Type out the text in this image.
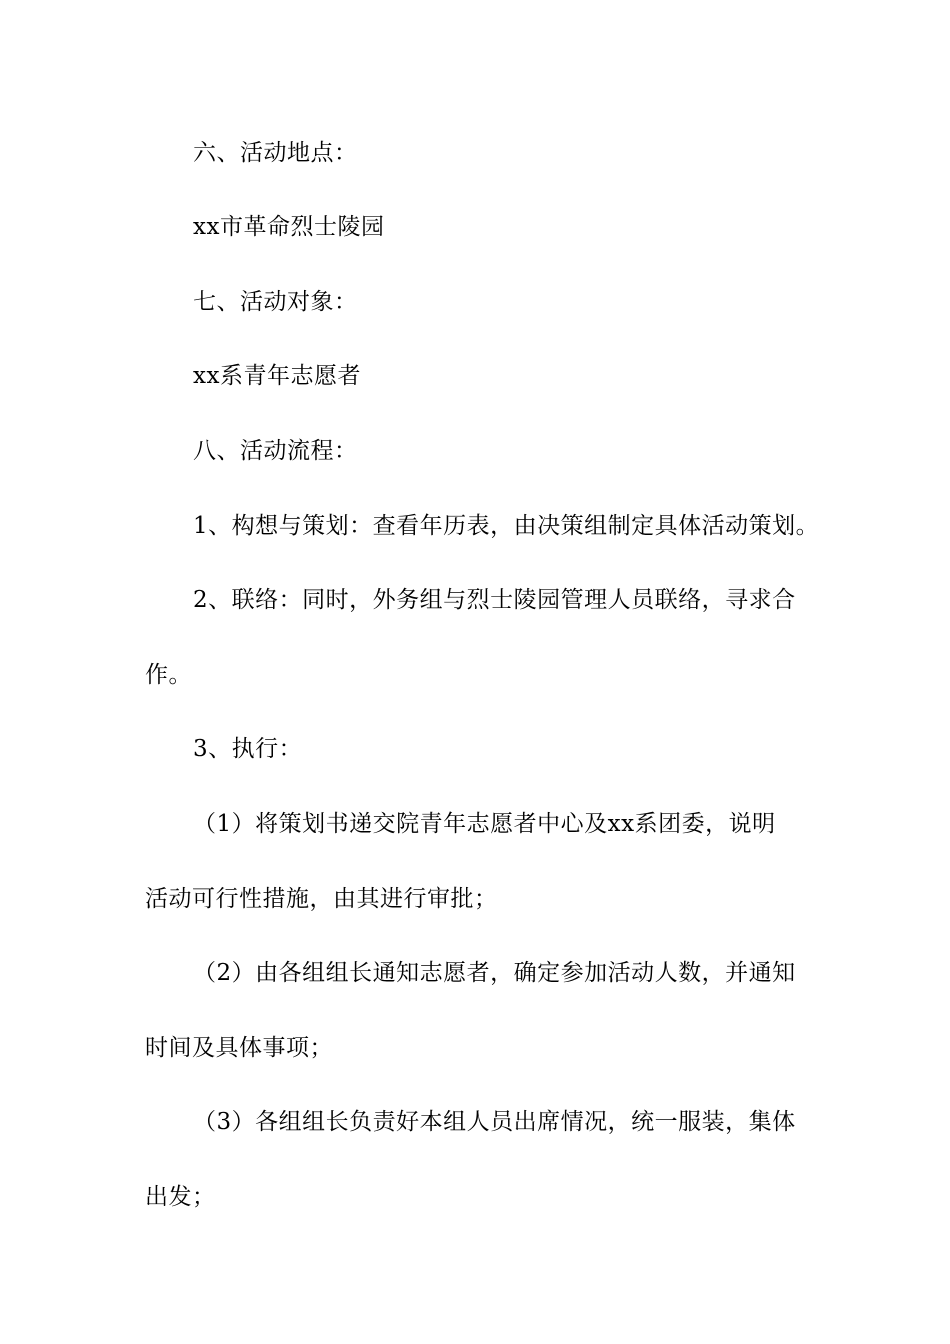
六、活动地点：
xx市革命烈士陵园
七、活动对象：
xx系青年志愿者
八、活动流程：
1、构想与策划：查看年历表，由决策组制定具体活动策划。
2、联络：同时，外务组与烈士陵园管理人员联络，寻求合
作。
3、执行：
（1）将策划书递交院青年志愿者中心及xx系团委，说明
活动可行性措施，由其进行审批；
（2）由各组组长通知志愿者，确定参加活动人数，并通知
时间及具体事项；
（3）各组组长负责好本组人员出席情况，统一服装，集体
出发；
